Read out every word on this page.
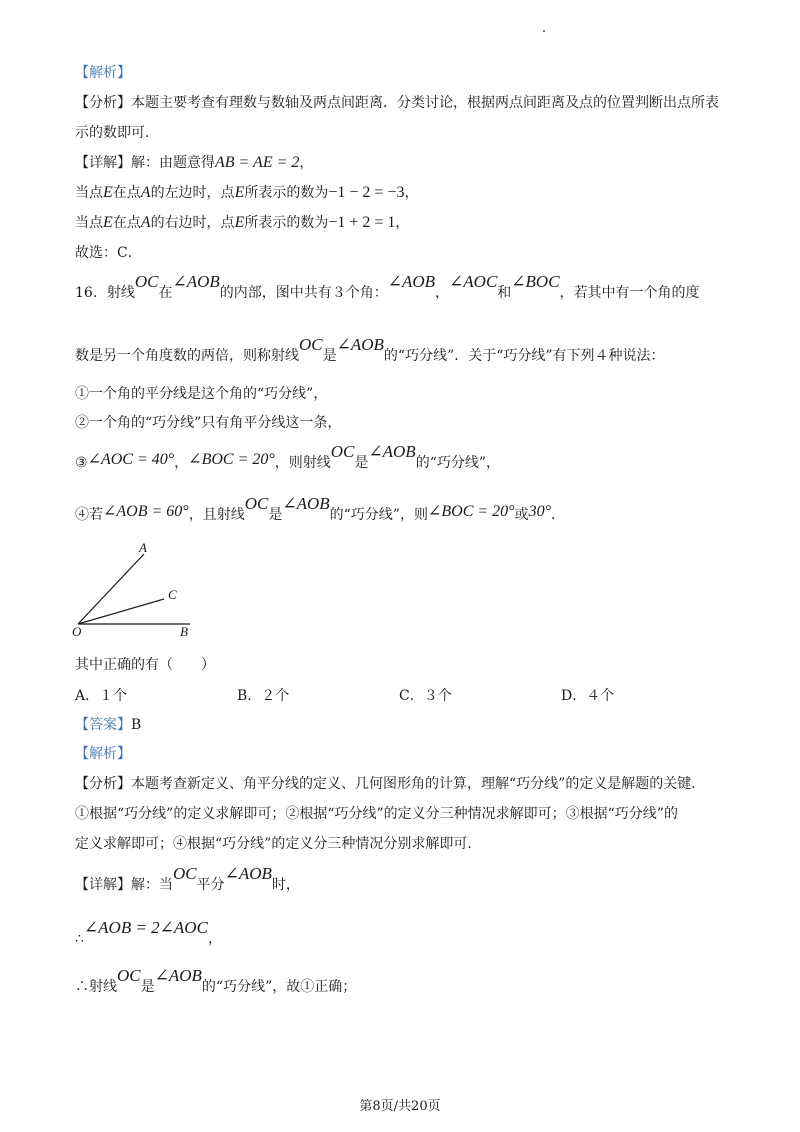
【解析】
【分析】本题主要考查有理数与数轴及两点间距离．分类讨论，根据两点间距离及点的位置判断出点所表
示的数即可．
【详解】解：由题意得AB = AE = 2，
当点E在点A的左边时，点E所表示的数为−1 − 2 = −3，
当点E在点A的右边时，点E所表示的数为−1 + 2 = 1，
故选：C．
16．射线OC在∠AOB的内部，图中共有３个角：∠AOB，∠AOC和∠BOC，若其中有一个角的度
数是另一个角度数的两倍，则称射线OC是∠AOB的“巧分线”．关于“巧分线”有下列４种说法：
①一个角的平分线是这个角的“巧分线”，
②一个角的“巧分线”只有角平分线这一条，
③∠AOC = 40°，∠BOC = 20°，则射线OC是∠AOB的“巧分线”，
④若∠AOB = 60°，且射线OC是∠AOB的“巧分线”，则∠BOC = 20°或30°．
A
C
O	B
其中正确的有（　　）
A．１个	B．２个	C．３个	D．４个
【答案】B
【解析】
【分析】本题考查新定义、角平分线的定义、几何图形角的计算，理解“巧分线”的定义是解题的关键．
①根据“巧分线”的定义求解即可；②根据“巧分线”的定义分三种情况求解即可；③根据“巧分线”的
定义求解即可；④根据“巧分线”的定义分三种情况分别求解即可．
【详解】解：当OC平分∠AOB时，
∴∠AOB = 2∠AOC，
∴射线OC是∠AOB的“巧分线”，故①正确；
第8页/共20页
